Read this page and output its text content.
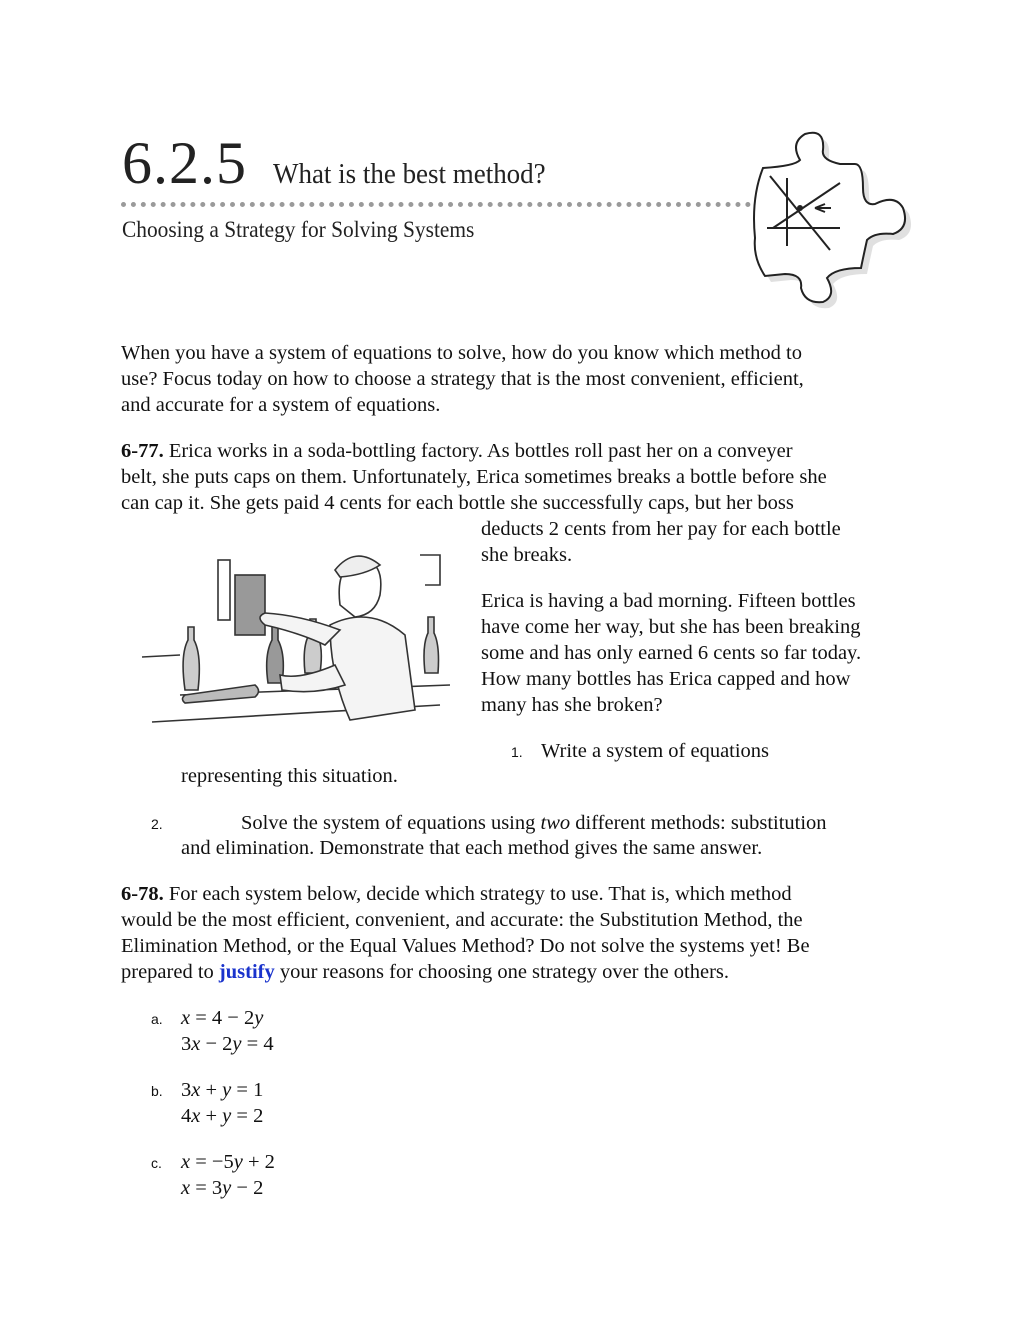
6.2.5 What is the best method?
Choosing a Strategy for Solving Systems
When you have a system of equations to solve, how do you know which method to
use? Focus today on how to choose a strategy that is the most convenient, efficient,
and accurate for a system of equations.
6-77. Erica works in a soda-bottling factory. As bottles roll past her on a conveyer
belt, she puts caps on them. Unfortunately, Erica sometimes breaks a bottle before she
can cap it. She gets paid 4 cents for each bottle she successfully caps, but her boss
deducts 2 cents from her pay for each bottle
she breaks.
Erica is having a bad morning. Fifteen bottles
have come her way, but she has been breaking
some and has only earned 6 cents so far today.
How many bottles has Erica capped and how
many has she broken?
1. Write a system of equations
representing this situation.
2.	Solve the system of equations using two different methods: substitution
and elimination. Demonstrate that each method gives the same answer.
6-78. For each system below, decide which strategy to use. That is, which method
would be the most efficient, convenient, and accurate: the Substitution Method, the
Elimination Method, or the Equal Values Method? Do not solve the systems yet! Be
prepared to justify your reasons for choosing one strategy over the others.
a. x = 4 − 2y
3x − 2y = 4
b. 3x + y = 1
4x + y = 2
c. x = −5y + 2
x = 3y − 2
